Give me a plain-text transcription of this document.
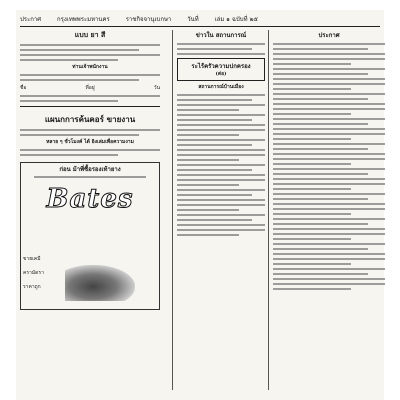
ประกาศ	กรุงเทพพระมหานคร	ราชกิจจานุเบกษา	วันที่	เล่ม ๑ ฉบับที่ ๒๕
แบบ ยา สี
ท่านเจ้าพนักงาน
ชื่อ	ที่อยู่	วัน
แผนกการค้นคอร์ ขายงาน
หลาย ๆ ชั่วโมงค์ ได้ อิงเล่มเพื่อความงาม
ก่อน ม้าพี่ซื้อรองเท้ายาง
Bates
ขายเคมี
ครามัดรา
ราคาถูก
ข่าวใน สถานการณ์
ระไร้ครัวความปกครอง
(ต่อ)
สถานการณ์บ้านเมือง
ประกาศ
